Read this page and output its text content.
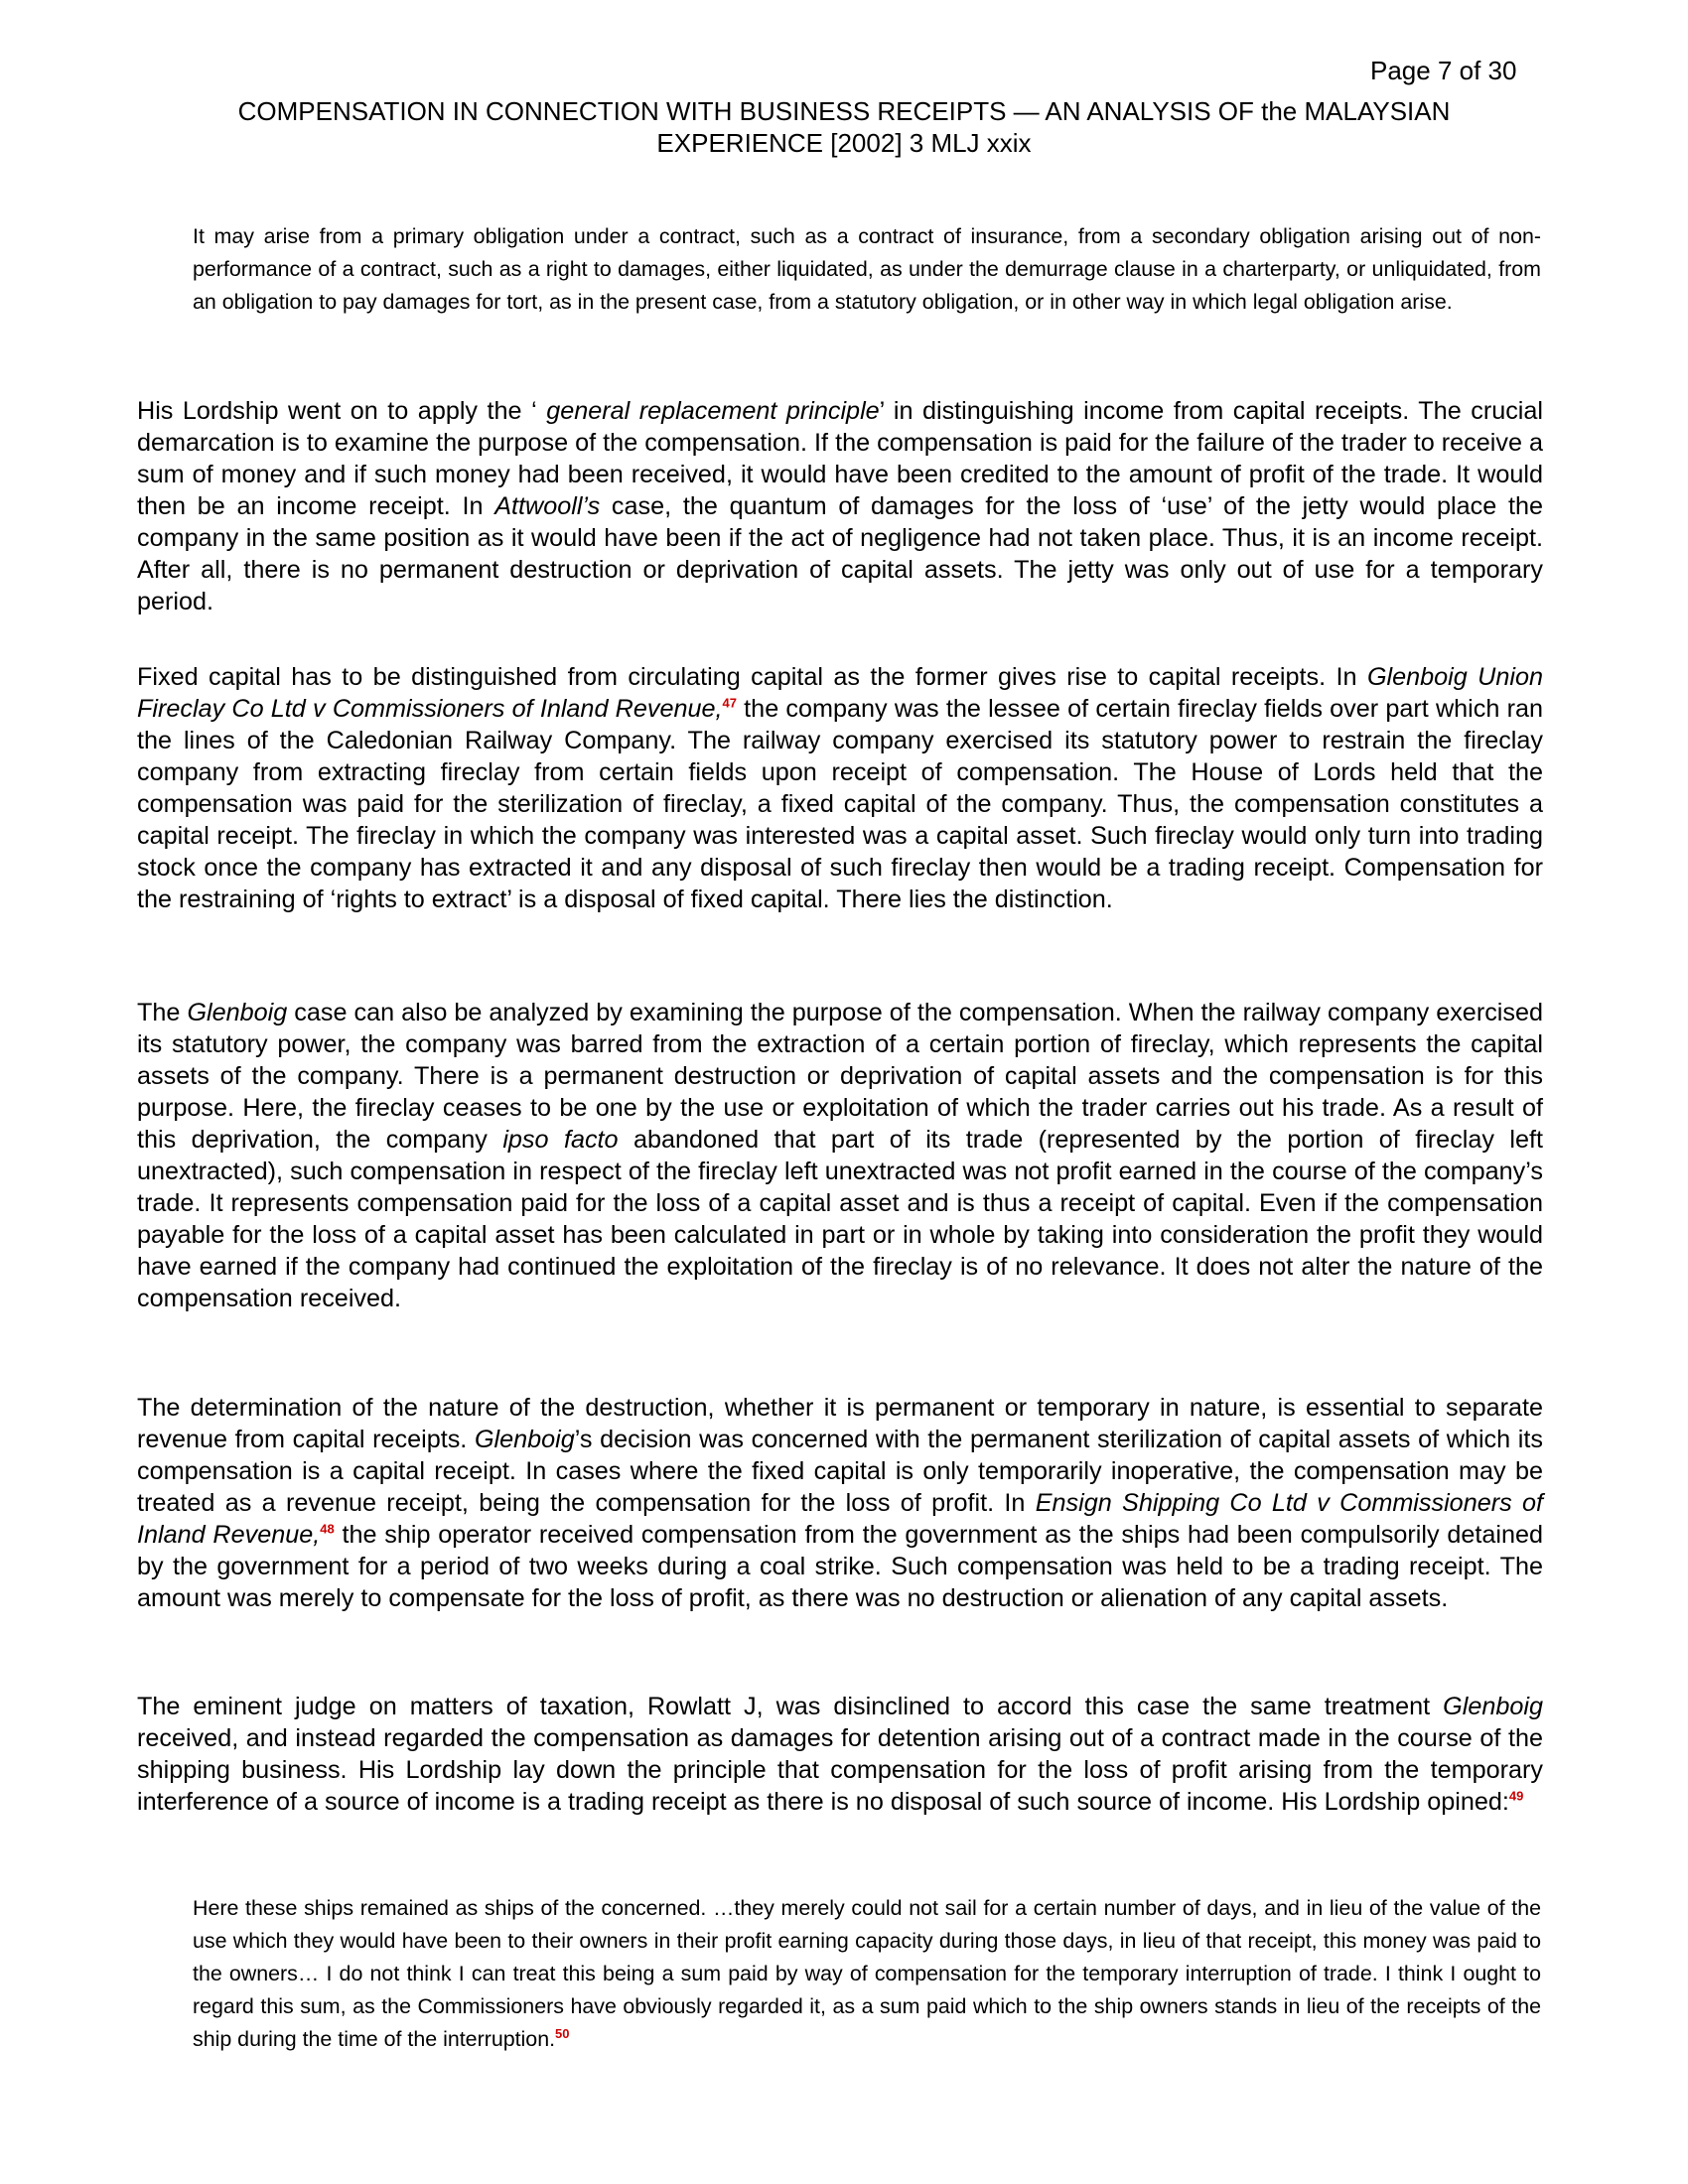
Page 7 of 30
COMPENSATION IN CONNECTION WITH BUSINESS RECEIPTS — AN ANALYSIS OF the MALAYSIAN
EXPERIENCE [2002] 3 MLJ xxix
It may arise from a primary obligation under a contract, such as a contract of insurance, from a secondary obligation arising out of non-performance of a contract, such as a right to damages, either liquidated, as under the demurrage clause in a charterparty, or unliquidated, from an obligation to pay damages for tort, as in the present case, from a statutory obligation, or in other way in which legal obligation arise.
His Lordship went on to apply the ‘ general replacement principle’ in distinguishing income from capital receipts. The crucial demarcation is to examine the purpose of the compensation. If the compensation is paid for the failure of the trader to receive a sum of money and if such money had been received, it would have been credited to the amount of profit of the trade. It would then be an income receipt. In Attwooll’s case, the quantum of damages for the loss of ‘use’ of the jetty would place the company in the same position as it would have been if the act of negligence had not taken place. Thus, it is an income receipt. After all, there is no permanent destruction or deprivation of capital assets. The jetty was only out of use for a temporary period.
Fixed capital has to be distinguished from circulating capital as the former gives rise to capital receipts. In Glenboig Union Fireclay Co Ltd v Commissioners of Inland Revenue,$^{47}$ the company was the lessee of certain fireclay fields over part which ran the lines of the Caledonian Railway Company. The railway company exercised its statutory power to restrain the fireclay company from extracting fireclay from certain fields upon receipt of compensation. The House of Lords held that the compensation was paid for the sterilization of fireclay, a fixed capital of the company. Thus, the compensation constitutes a capital receipt. The fireclay in which the company was interested was a capital asset. Such fireclay would only turn into trading stock once the company has extracted it and any disposal of such fireclay then would be a trading receipt. Compensation for the restraining of ‘rights to extract’ is a disposal of fixed capital. There lies the distinction.
The Glenboig case can also be analyzed by examining the purpose of the compensation. When the railway company exercised its statutory power, the company was barred from the extraction of a certain portion of fireclay, which represents the capital assets of the company. There is a permanent destruction or deprivation of capital assets and the compensation is for this purpose. Here, the fireclay ceases to be one by the use or exploitation of which the trader carries out his trade. As a result of this deprivation, the company ipso facto abandoned that part of its trade (represented by the portion of fireclay left unextracted), such compensation in respect of the fireclay left unextracted was not profit earned in the course of the company’s trade. It represents compensation paid for the loss of a capital asset and is thus a receipt of capital. Even if the compensation payable for the loss of a capital asset has been calculated in part or in whole by taking into consideration the profit they would have earned if the company had continued the exploitation of the fireclay is of no relevance. It does not alter the nature of the compensation received.
The determination of the nature of the destruction, whether it is permanent or temporary in nature, is essential to separate revenue from capital receipts. Glenboig’s decision was concerned with the permanent sterilization of capital assets of which its compensation is a capital receipt. In cases where the fixed capital is only temporarily inoperative, the compensation may be treated as a revenue receipt, being the compensation for the loss of profit. In Ensign Shipping Co Ltd v Commissioners of Inland Revenue,$^{48}$ the ship operator received compensation from the government as the ships had been compulsorily detained by the government for a period of two weeks during a coal strike. Such compensation was held to be a trading receipt. The amount was merely to compensate for the loss of profit, as there was no destruction or alienation of any capital assets.
The eminent judge on matters of taxation, Rowlatt J, was disinclined to accord this case the same treatment Glenboig received, and instead regarded the compensation as damages for detention arising out of a contract made in the course of the shipping business. His Lordship lay down the principle that compensation for the loss of profit arising from the temporary interference of a source of income is a trading receipt as there is no disposal of such source of income. His Lordship opined:$^{49}$
Here these ships remained as ships of the concerned. …they merely could not sail for a certain number of days, and in lieu of the value of the use which they would have been to their owners in their profit earning capacity during those days, in lieu of that receipt, this money was paid to the owners… I do not think I can treat this being a sum paid by way of compensation for the temporary interruption of trade. I think I ought to regard this sum, as the Commissioners have obviously regarded it, as a sum paid which to the ship owners stands in lieu of the receipts of the ship during the time of the interruption.$^{50}$
